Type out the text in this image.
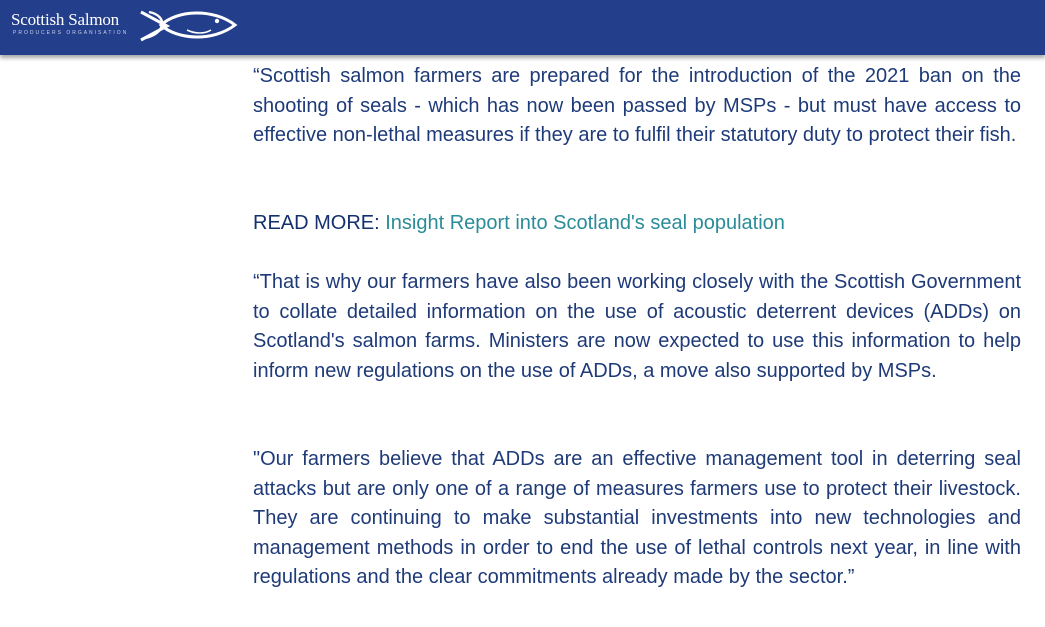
Scottish Salmon
PRODUCERS ORGANISATION

“Scottish salmon farmers are prepared for the introduction of the 2021 ban on the shooting of seals - which has now been passed by MSPs - but must have access to effective non-lethal measures if they are to fulfil their statutory duty to protect their fish.

READ MORE: Insight Report into Scotland's seal population

“That is why our farmers have also been working closely with the Scottish Government to collate detailed information on the use of acoustic deterrent devices (ADDs) on Scotland's salmon farms. Ministers are now expected to use this information to help inform new regulations on the use of ADDs, a move also supported by MSPs.

"Our farmers believe that ADDs are an effective management tool in deterring seal attacks but are only one of a range of measures farmers use to protect their livestock. They are continuing to make substantial investments into new technologies and management methods in order to end the use of lethal controls next year, in line with regulations and the clear commitments already made by the sector.”
